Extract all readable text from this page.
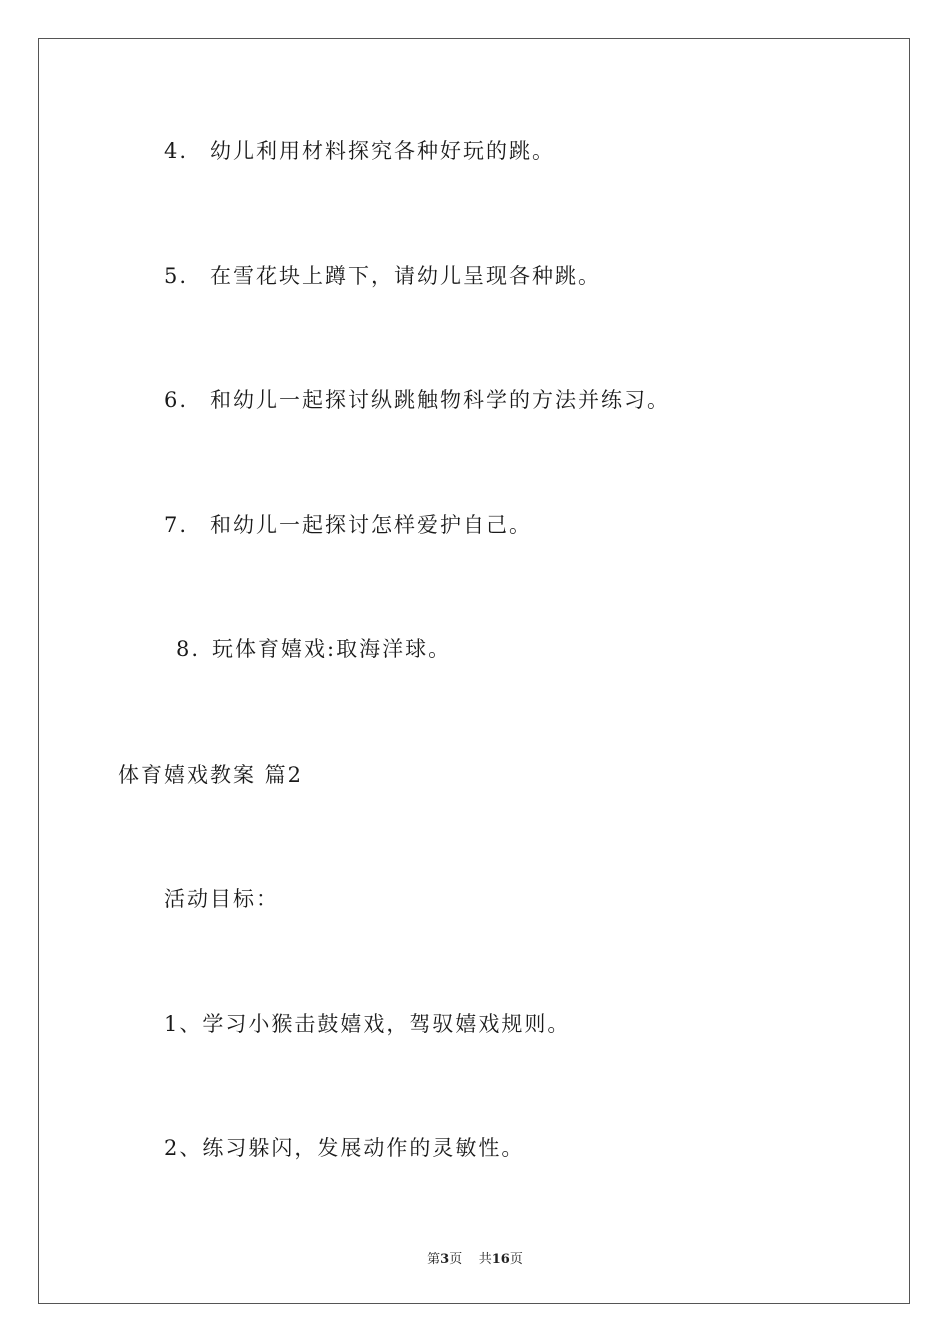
4. 幼儿利用材料探究各种好玩的跳。
5. 在雪花块上蹲下，请幼儿呈现各种跳。
6. 和幼儿一起探讨纵跳触物科学的方法并练习。
7. 和幼儿一起探讨怎样爱护自己。
8. 玩体育嬉戏:取海洋球。
体育嬉戏教案 篇2
活动目标：
1、学习小猴击鼓嬉戏，驾驭嬉戏规则。
2、练习躲闪，发展动作的灵敏性。
第3页 共16页
